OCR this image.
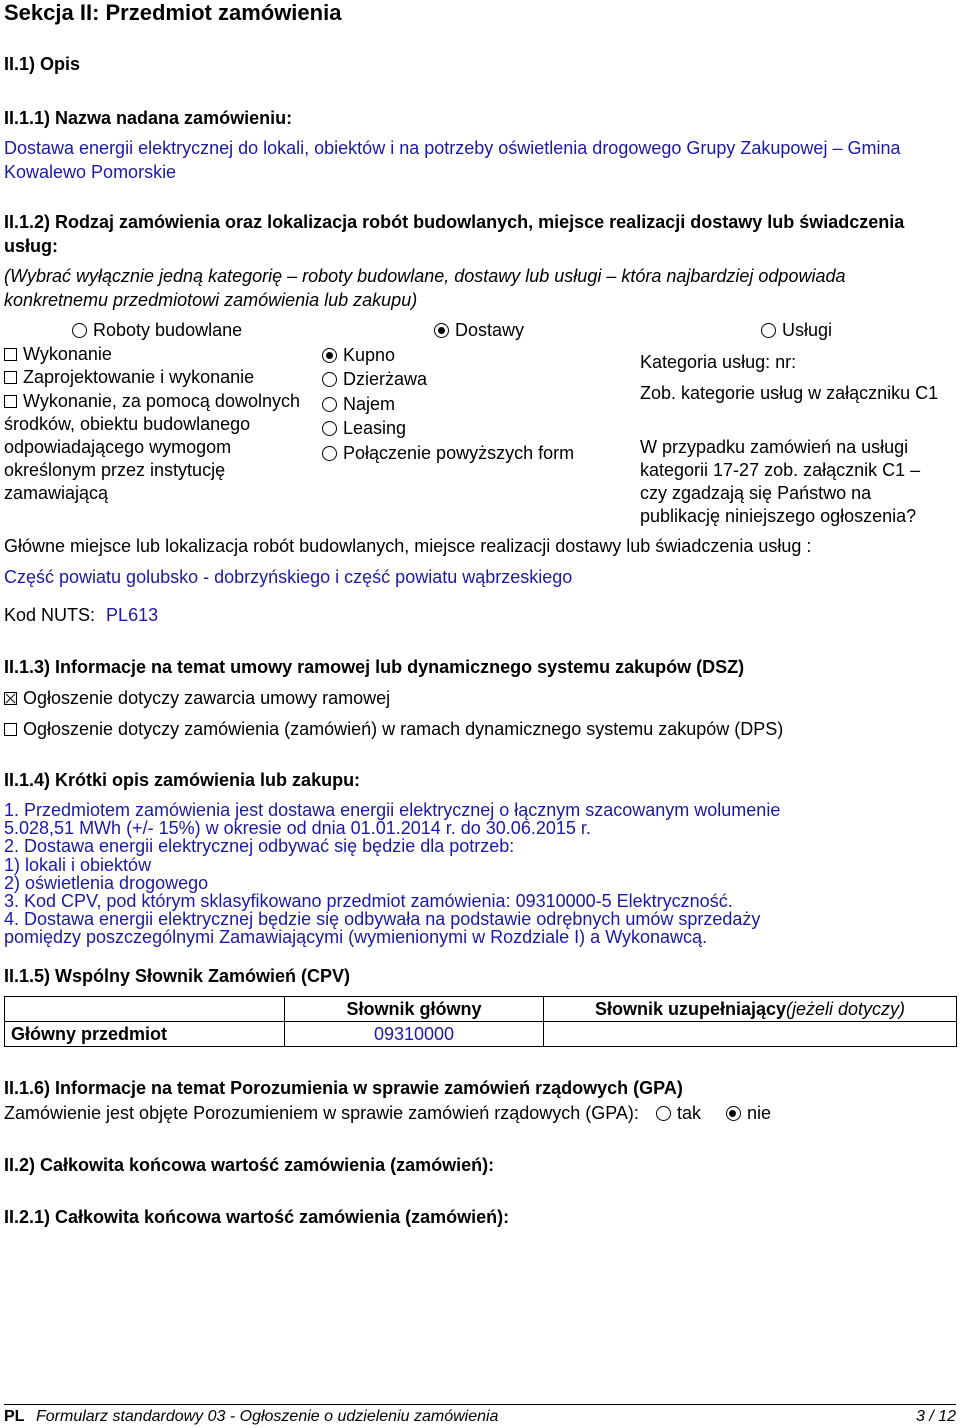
Sekcja II: Przedmiot zamówienia
II.1) Opis
II.1.1) Nazwa nadana zamówieniu:
Dostawa energii elektrycznej do lokali, obiektów i na potrzeby oświetlenia drogowego Grupy Zakupowej – Gmina Kowalewo Pomorskie
II.1.2) Rodzaj zamówienia oraz lokalizacja robót budowlanych, miejsce realizacji dostawy lub świadczenia usług:
(Wybrać wyłącznie jedną kategorię – roboty budowlane, dostawy lub usługi – która najbardziej odpowiada konkretnemu przedmiotowi zamówienia lub zakupu)
Roboty budowlane	Dostawy	Usługi
Wykonanie
Zaprojektowanie i wykonanie
Wykonanie, za pomocą dowolnych środków, obiektu budowlanego odpowiadającego wymogom określonym przez instytucję zamawiającą
Kupno
Dzierżawa
Najem
Leasing
Połączenie powyższych form
Kategoria usług: nr:
Zob. kategorie usług w załączniku C1
W przypadku zamówień na usługi kategorii 17-27 zob. załącznik C1 – czy zgadzają się Państwo na publikację niniejszego ogłoszenia?
Główne miejsce lub lokalizacja robót budowlanych, miejsce realizacji dostawy lub świadczenia usług :
Część powiatu golubsko - dobrzyńskiego i część powiatu wąbrzeskiego
Kod NUTS: PL613
II.1.3) Informacje na temat umowy ramowej lub dynamicznego systemu zakupów (DSZ)
Ogłoszenie dotyczy zawarcia umowy ramowej
Ogłoszenie dotyczy zamówienia (zamówień) w ramach dynamicznego systemu zakupów (DPS)
II.1.4) Krótki opis zamówienia lub zakupu:
1. Przedmiotem zamówienia jest dostawa energii elektrycznej o łącznym szacowanym wolumenie
5.028,51 MWh (+/- 15%) w okresie od dnia 01.01.2014 r. do 30.06.2015 r.
2. Dostawa energii elektrycznej odbywać się będzie dla potrzeb:
1) lokali i obiektów
2) oświetlenia drogowego
3. Kod CPV, pod którym sklasyfikowano przedmiot zamówienia: 09310000-5 Elektryczność.
4. Dostawa energii elektrycznej będzie się odbywała na podstawie odrębnych umów sprzedaży
pomiędzy poszczególnymi Zamawiającymi (wymienionymi w Rozdziale I) a Wykonawcą.
II.1.5) Wspólny Słownik Zamówień (CPV)
	Słownik główny	Słownik uzupełniający(jeżeli dotyczy)
Główny przedmiot	09310000	
II.1.6) Informacje na temat Porozumienia w sprawie zamówień rządowych (GPA)
Zamówienie jest objęte Porozumieniem w sprawie zamówień rządowych (GPA): tak	nie
II.2) Całkowita końcowa wartość zamówienia (zamówień):
II.2.1) Całkowita końcowa wartość zamówienia (zamówień):
PL Formularz standardowy 03 - Ogłoszenie o udzieleniu zamówienia	3 / 12
